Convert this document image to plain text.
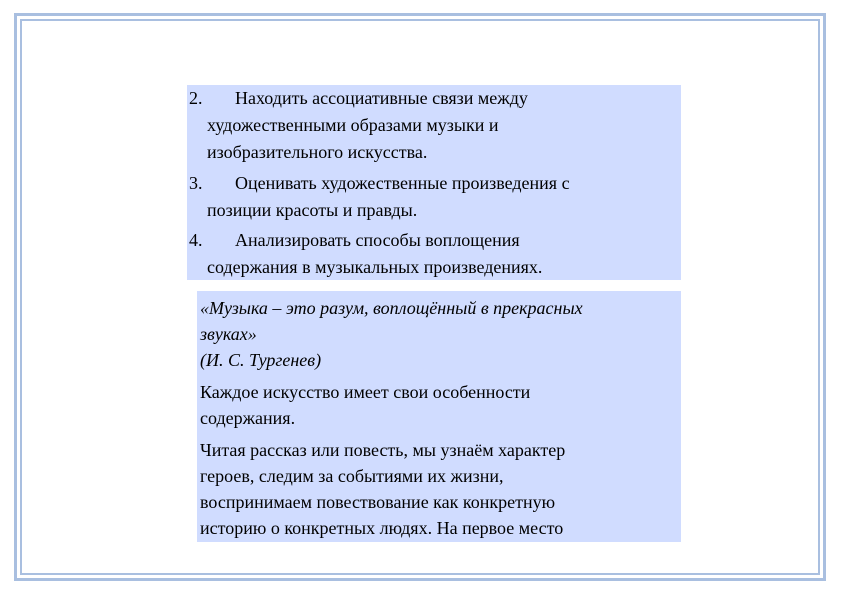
2. Находить ассоциативные связи между
художественными образами музыки и
изобразительного искусства.
3. Оценивать художественные произведения с
позиции красоты и правды.
4. Анализировать способы воплощения
содержания в музыкальных произведениях.
«Музыка – это разум, воплощённый в прекрасных
звуках»
(И. С. Тургенев)
Каждое искусство имеет свои особенности
содержания.
Читая рассказ или повесть, мы узнаём характер
героев, следим за событиями их жизни,
воспринимаем повествование как конкретную
историю о конкретных людях. На первое место
